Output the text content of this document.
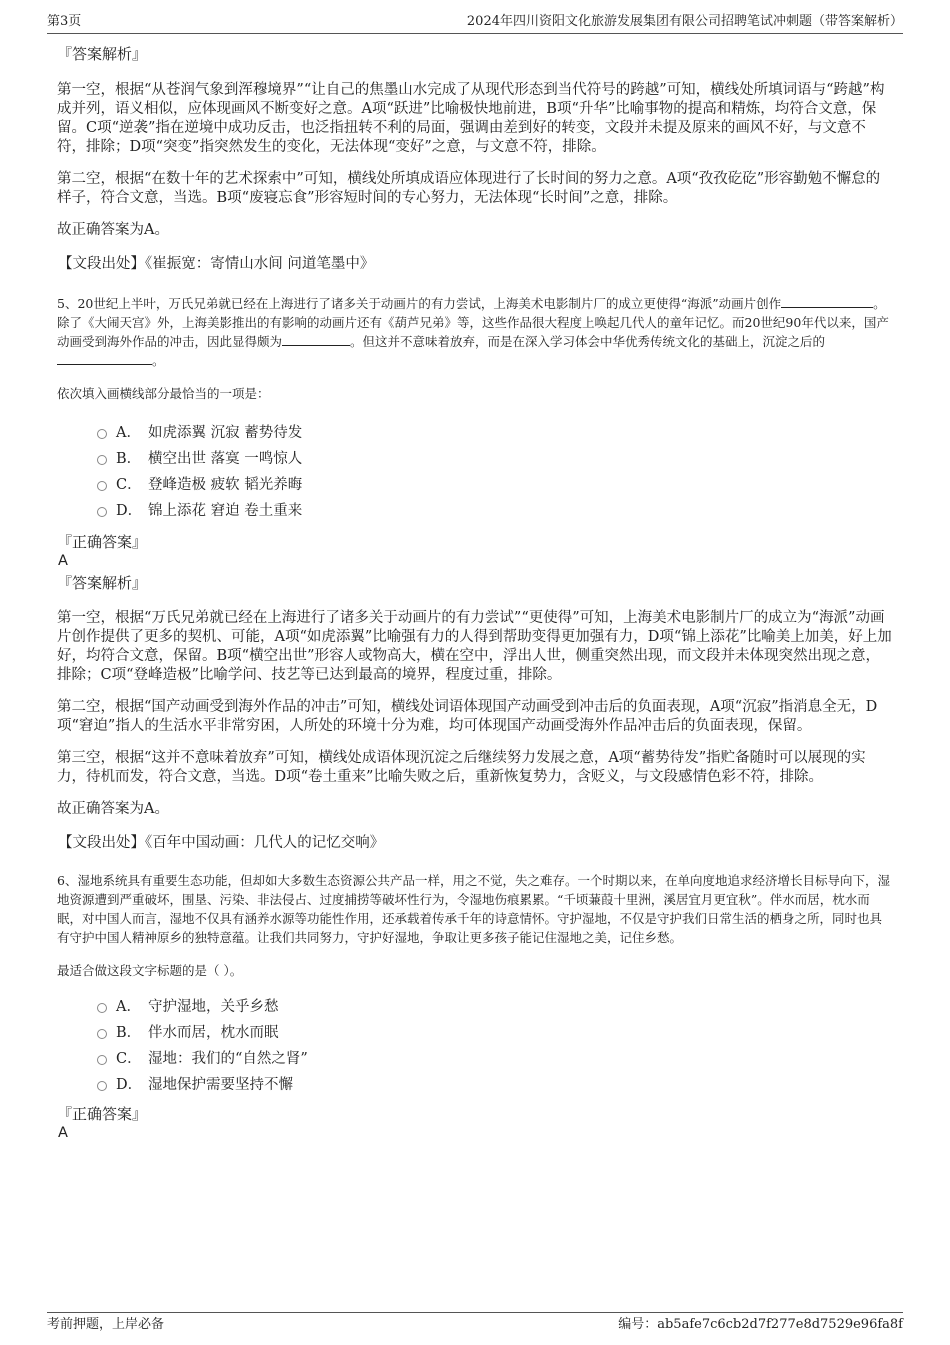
第3页	2024年四川资阳文化旅游发展集团有限公司招聘笔试冲刺题（带答案解析）

『答案解析』

第一空，根据“从苍润气象到浑穆境界”“让自己的焦墨山水完成了从现代形态到当代符号的跨越”可知，横线处所填词语与“跨越”构成并列，语义相似，应体现画风不断变好之意。A项“跃进”比喻极快地前进，B项“升华”比喻事物的提高和精炼，均符合文意，保留。C项“逆袭”指在逆境中成功反击，也泛指扭转不利的局面，强调由差到好的转变，文段并未提及原来的画风不好，与文意不符，排除；D项“突变”指突然发生的变化，无法体现“变好”之意，与文意不符，排除。

第二空，根据“在数十年的艺术探索中”可知，横线处所填成语应体现进行了长时间的努力之意。A项“孜孜矻矻”形容勤勉不懈怠的样子，符合文意，当选。B项“废寝忘食”形容短时间的专心努力，无法体现“长时间”之意，排除。

故正确答案为A。

【文段出处】《崔振宽：寄情山水间 问道笔墨中》

5、20世纪上半叶，万氏兄弟就已经在上海进行了诸多关于动画片的有力尝试，上海美术电影制片厂的成立更使得“海派”动画片创作	。除了《大闹天宫》外，上海美影推出的有影响的动画片还有《葫芦兄弟》等，这些作品很大程度上唤起几代人的童年记忆。而20世纪90年代以来，国产动画受到海外作品的冲击，因此显得颇为	。但这并不意味着放弃，而是在深入学习体会中华优秀传统文化的基础上，沉淀之后的。

依次填入画横线部分最恰当的一项是：

A． 如虎添翼 沉寂 蓄势待发
B． 横空出世 落寞 一鸣惊人
C． 登峰造极 疲软 韬光养晦
D． 锦上添花 窘迫 卷土重来

『正确答案』

A

『答案解析』

第一空，根据“万氏兄弟就已经在上海进行了诸多关于动画片的有力尝试”“更使得”可知，上海美术电影制片厂的成立为“海派”动画片创作提供了更多的契机、可能，A项“如虎添翼”比喻强有力的人得到帮助变得更加强有力，D项“锦上添花”比喻美上加美，好上加好，均符合文意，保留。B项“横空出世”形容人或物高大，横在空中，浮出人世，侧重突然出现，而文段并未体现突然出现之意，排除；C项“登峰造极”比喻学问、技艺等已达到最高的境界，程度过重，排除。

第二空，根据“国产动画受到海外作品的冲击”可知，横线处词语体现国产动画受到冲击后的负面表现，A项“沉寂”指消息全无，D项“窘迫”指人的生活水平非常穷困，人所处的环境十分为难，均可体现国产动画受海外作品冲击后的负面表现，保留。

第三空，根据“这并不意味着放弃”可知，横线处成语体现沉淀之后继续努力发展之意，A项“蓄势待发”指贮备随时可以展现的实力，待机而发，符合文意，当选。D项“卷土重来”比喻失败之后，重新恢复势力，含贬义，与文段感情色彩不符，排除。

故正确答案为A。

【文段出处】《百年中国动画：几代人的记忆交响》

6、湿地系统具有重要生态功能，但却如大多数生态资源公共产品一样，用之不觉，失之难存。一个时期以来，在单向度地追求经济增长目标导向下，湿地资源遭到严重破坏，围垦、污染、非法侵占、过度捕捞等破坏性行为，令湿地伤痕累累。“千顷蒹葭十里洲，溪居宜月更宜秋”。伴水而居，枕水而眠，对中国人而言，湿地不仅具有涵养水源等功能性作用，还承载着传承千年的诗意情怀。守护湿地，不仅是守护我们日常生活的栖身之所，同时也具有守护中国人精神原乡的独特意蕴。让我们共同努力，守护好湿地，争取让更多孩子能记住湿地之美，记住乡愁。

最适合做这段文字标题的是（ ）。

A． 守护湿地，关乎乡愁
B． 伴水而居，枕水而眠
C． 湿地：我们的“自然之肾”
D． 湿地保护需要坚持不懈

『正确答案』

A

考前押题，上岸必备	编号：ab5afe7c6cb2d7f277e8d7529e96fa8f
